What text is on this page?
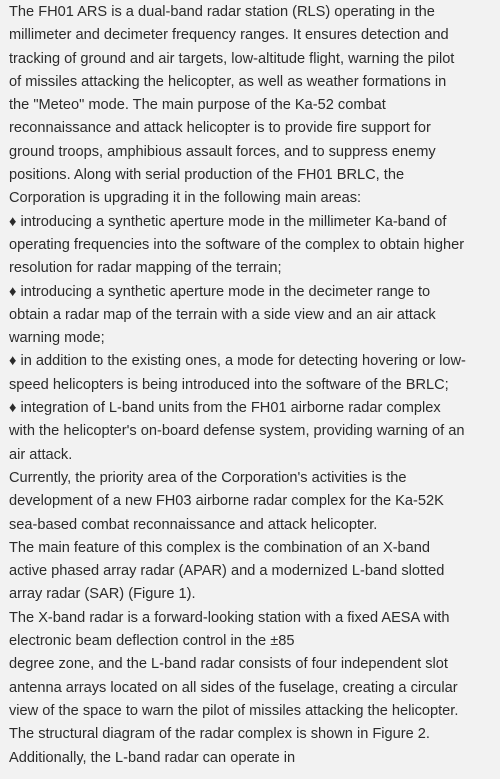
The FH01 ARS is a dual-band radar station (RLS) operating in the
millimeter and decimeter frequency ranges. It ensures detection and
tracking of ground and air targets, low-altitude flight, warning the pilot
of missiles attacking the helicopter, as well as weather formations in
the "Meteo" mode. The main purpose of the Ka-52 combat
reconnaissance and attack helicopter is to provide fire support for
ground troops, amphibious assault forces, and to suppress enemy
positions. Along with serial production of the FH01 BRLC, the
Corporation is upgrading it in the following main areas:
♦ introducing a synthetic aperture mode in the millimeter Ka-band of
operating frequencies into the software of the complex to obtain higher
resolution for radar mapping of the terrain;
♦ introducing a synthetic aperture mode in the decimeter range to
obtain a radar map of the terrain with a side view and an air attack
warning mode;
♦ in addition to the existing ones, a mode for detecting hovering or low-
speed helicopters is being introduced into the software of the BRLC;
♦ integration of L-band units from the FH01 airborne radar complex
with the helicopter's on-board defense system, providing warning of an
air attack.
Currently, the priority area of the Corporation's activities is the
development of a new FH03 airborne radar complex for the Ka-52K
sea-based combat reconnaissance and attack helicopter.
The main feature of this complex is the combination of an X-band
active phased array radar (APAR) and a modernized L-band slotted
array radar (SAR) (Figure 1).
The X-band radar is a forward-looking station with a fixed AESA with
electronic beam deflection control in the ±85
degree zone, and the L-band radar consists of four independent slot
antenna arrays located on all sides of the fuselage, creating a circular
view of the space to warn the pilot of missiles attacking the helicopter.
The structural diagram of the radar complex is shown in Figure 2.
Additionally, the L-band radar can operate in
